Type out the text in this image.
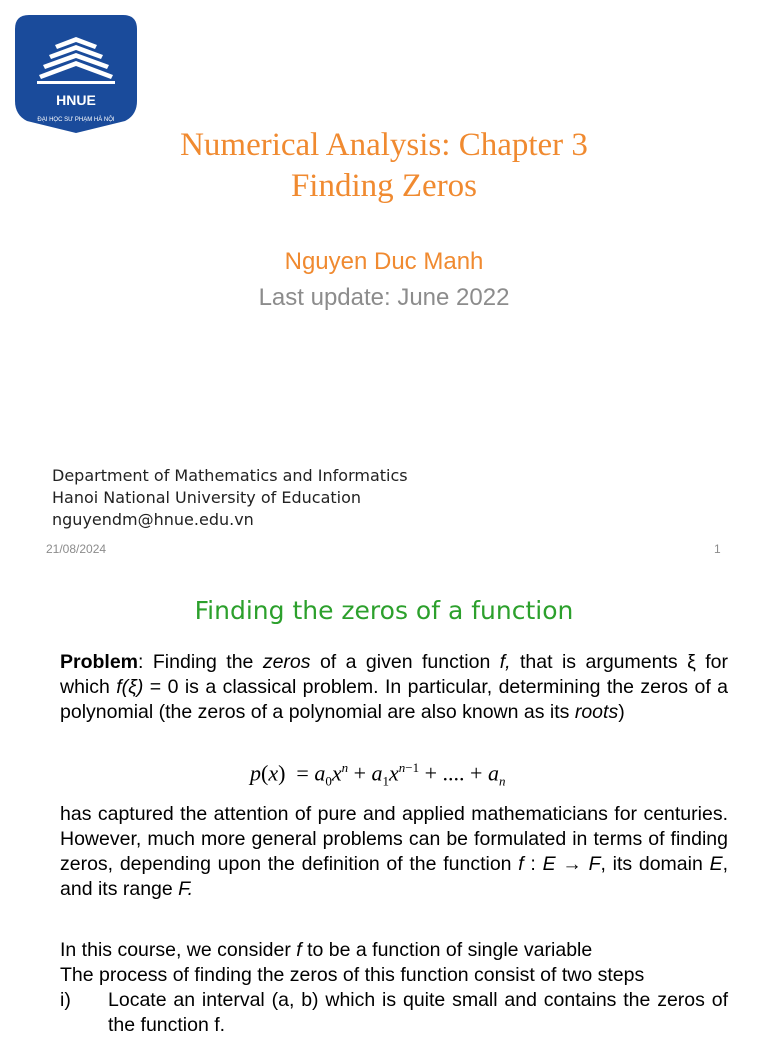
HNUE
ĐẠI HỌC SƯ PHẠM HÀ NỘI
Numerical Analysis: Chapter 3
Finding Zeros
Nguyen Duc Manh
Last update: June 2022
Department of Mathematics and Informatics
Hanoi National University of Education
nguyendm@hnue.edu.vn
21/08/2024	1
Finding the zeros of a function
Problem: Finding the zeros of a given function f, that is arguments ξ for which f(ξ) = 0 is a classical problem. In particular, determining the zeros of a polynomial (the zeros of a polynomial are also known as its roots)
$p(x) = a_0x^n + a_1x^{n-1}$ + .... + $a_n$
has captured the attention of pure and applied mathematicians for centuries. However, much more general problems can be formulated in terms of finding zeros, depending upon the definition of the function f : E → F, its domain E, and its range F.
In this course, we consider f to be a function of single variable
The process of finding the zeros of this function consist of two steps
i) Locate an interval (a, b) which is quite small and contains the zeros of the function f.
